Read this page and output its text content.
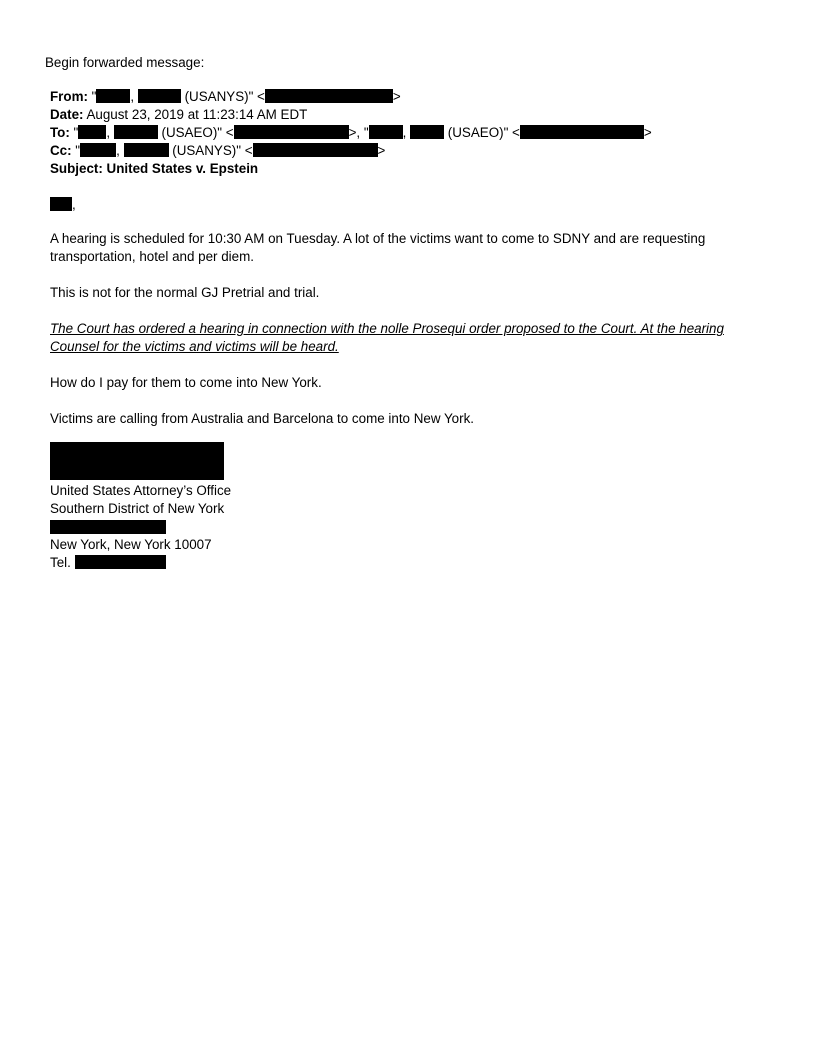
Begin forwarded message:
From: "	,	(USANYS)" <	>
Date: August 23, 2019 at 11:23:14 AM EDT
To: " ,	(USAEO)" <	>, "	,	(USAEO)" <	>
Cc: "	,	(USANYS)" <	>
Subject: United States v. Epstein
,
A hearing is scheduled for 10:30 AM on Tuesday. A lot of the victims want to come to SDNY and are requesting
transportation, hotel and per diem.
This is not for the normal GJ Pretrial and trial.
The Court has ordered a hearing in connection with the nolle Prosequi order proposed to the Court. At the hearing
Counsel for the victims and victims will be heard.
How do I pay for them to come into New York.
Victims are calling from Australia and Barcelona to come into New York.
United States Attorney’s Office
Southern District of New York
New York, New York 10007
Tel.
